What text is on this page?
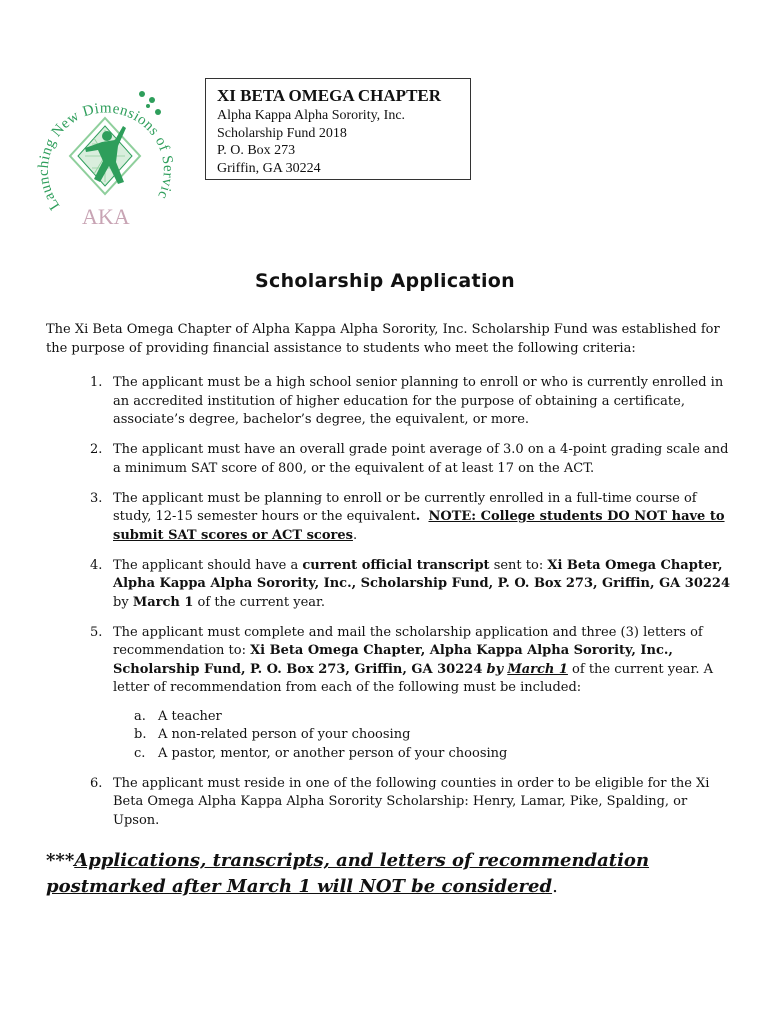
Launching New Dimensions of Servic
AKA
XI BETA OMEGA CHAPTER
Alpha Kappa Alpha Sorority, Inc.
Scholarship Fund 2018
P. O. Box 273
Griffin, GA 30224
Scholarship Application
The Xi Beta Omega Chapter of Alpha Kappa Alpha Sorority, Inc. Scholarship Fund was established for the purpose of providing financial assistance to students who meet the following criteria:
1. The applicant must be a high school senior planning to enroll or who is currently enrolled in an accredited institution of higher education for the purpose of obtaining a certificate, associate’s degree, bachelor’s degree, the equivalent, or more.
2. The applicant must have an overall grade point average of 3.0 on a 4-point grading scale and a minimum SAT score of 800, or the equivalent of at least 17 on the ACT.
3. The applicant must be planning to enroll or be currently enrolled in a full-time course of study, 12-15 semester hours or the equivalent. NOTE: College students DO NOT have to submit SAT scores or ACT scores.
4. The applicant should have a current official transcript sent to: Xi Beta Omega Chapter, Alpha Kappa Alpha Sorority, Inc., Scholarship Fund, P. O. Box 273, Griffin, GA 30224 by March 1 of the current year.
5. The applicant must complete and mail the scholarship application and three (3) letters of recommendation to: Xi Beta Omega Chapter, Alpha Kappa Alpha Sorority, Inc., Scholarship Fund, P. O. Box 273, Griffin, GA 30224 by March 1 of the current year. A letter of recommendation from each of the following must be included:
a. A teacher
b. A non-related person of your choosing
c. A pastor, mentor, or another person of your choosing
6. The applicant must reside in one of the following counties in order to be eligible for the Xi Beta Omega Alpha Kappa Alpha Sorority Scholarship: Henry, Lamar, Pike, Spalding, or Upson.
***Applications, transcripts, and letters of recommendation postmarked after March 1 will NOT be considered.
